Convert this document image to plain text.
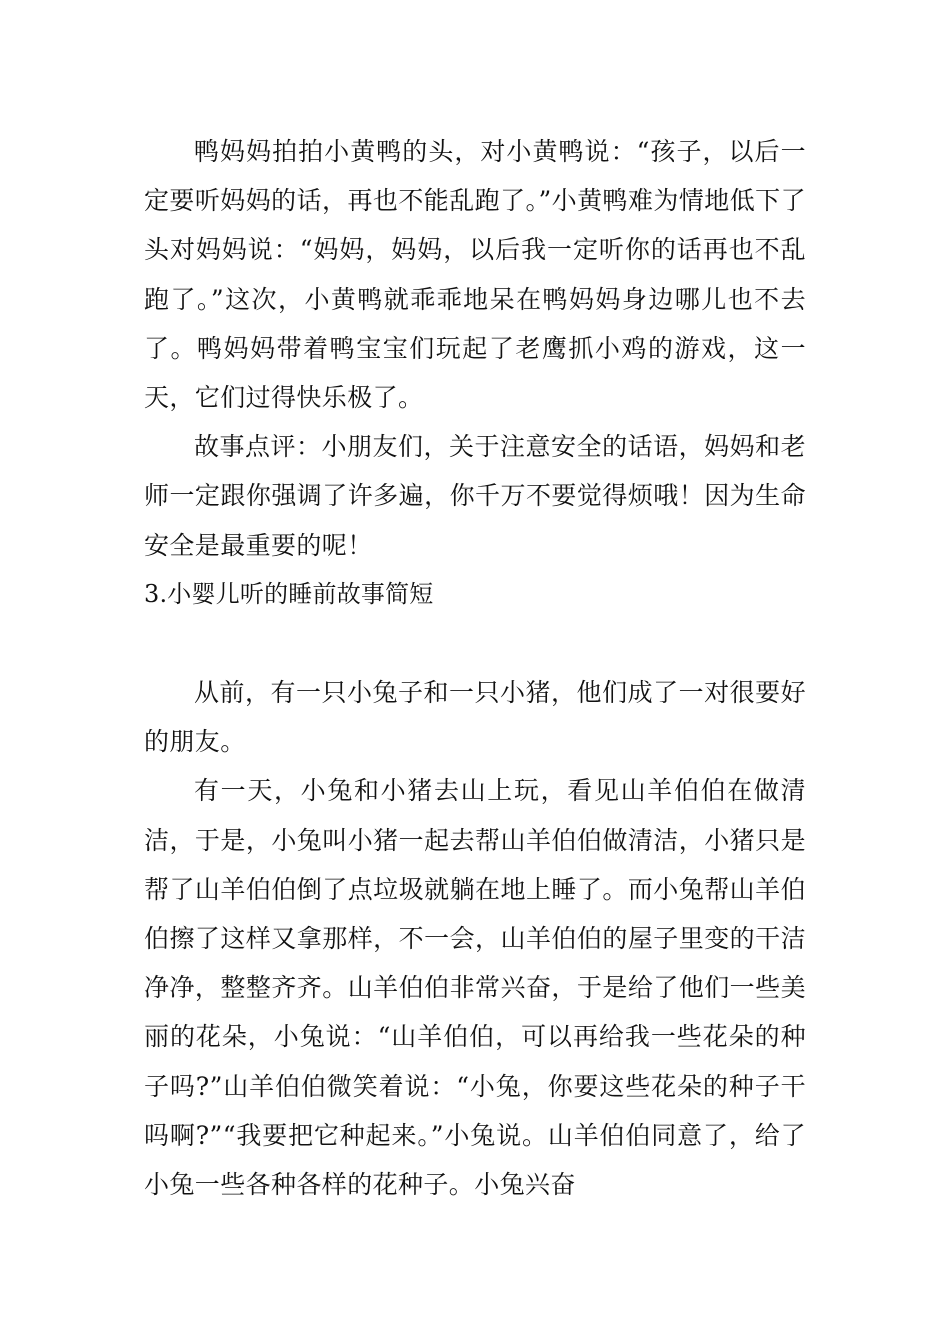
鸭妈妈拍拍小黄鸭的头，对小黄鸭说：“孩子，以后一定要听妈妈的话，再也不能乱跑了。”小黄鸭难为情地低下了头对妈妈说：“妈妈，妈妈，以后我一定听你的话再也不乱跑了。”这次，小黄鸭就乖乖地呆在鸭妈妈身边哪儿也不去了。鸭妈妈带着鸭宝宝们玩起了老鹰抓小鸡的游戏，这一天，它们过得快乐极了。

故事点评：小朋友们，关于注意安全的话语，妈妈和老师一定跟你强调了许多遍，你千万不要觉得烦哦！因为生命安全是最重要的呢！

3.小婴儿听的睡前故事简短

从前，有一只小兔子和一只小猪，他们成了一对很要好的朋友。

有一天，小兔和小猪去山上玩，看见山羊伯伯在做清洁，于是，小兔叫小猪一起去帮山羊伯伯做清洁，小猪只是帮了山羊伯伯倒了点垃圾就躺在地上睡了。而小兔帮山羊伯伯擦了这样又拿那样，不一会，山羊伯伯的屋子里变的干洁净净，整整齐齐。山羊伯伯非常兴奋，于是给了他们一些美丽的花朵，小兔说：“山羊伯伯，可以再给我一些花朵的种子吗?”山羊伯伯微笑着说：“小兔，你要这些花朵的种子干吗啊?”“我要把它种起来。”小兔说。山羊伯伯同意了，给了小兔一些各种各样的花种子。小兔兴奋
